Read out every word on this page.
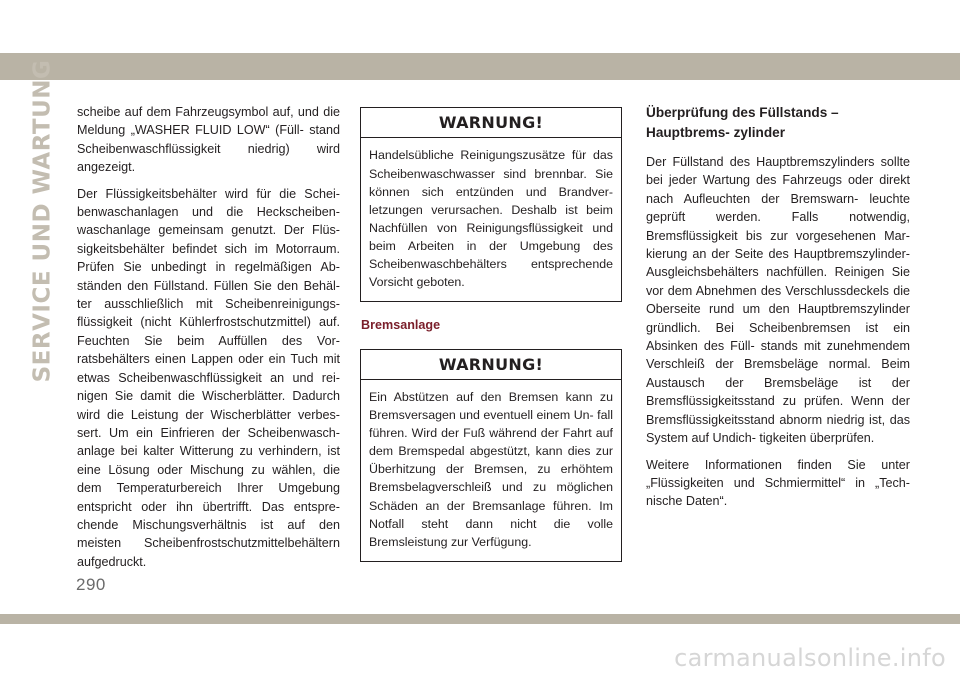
SERVICE UND WARTUNG scheibe auf dem Fahrzeugsymbol auf, und die Meldung „WASHER FLUID LOW“ (Füll- stand Scheibenwaschflüssigkeit niedrig) wird angezeigt.

Der Flüssigkeitsbehälter wird für die Schei- benwaschanlagen und die Heckscheiben- waschanlage gemeinsam genutzt. Der Flüs- sigkeitsbehälter befindet sich im Motorraum. Prüfen Sie unbedingt in regelmäßigen Ab- ständen den Füllstand. Füllen Sie den Behäl- ter ausschließlich mit Scheibenreinigungs- flüssigkeit (nicht Kühlerfrostschutzmittel) auf. Feuchten Sie beim Auffüllen des Vor- ratsbehälters einen Lappen oder ein Tuch mit etwas Scheibenwaschflüssigkeit an und rei- nigen Sie damit die Wischerblätter. Dadurch wird die Leistung der Wischerblätter verbes- sert. Um ein Einfrieren der Scheibenwasch- anlage bei kalter Witterung zu verhindern, ist eine Lösung oder Mischung zu wählen, die dem Temperaturbereich Ihrer Umgebung entspricht oder ihn übertrifft. Das entspre- chende Mischungsverhältnis ist auf den meisten Scheibenfrostschutzmittelbehältern aufgedruckt.

WARNUNG!
Handelsübliche Reinigungszusätze für das Scheibenwaschwasser sind brennbar. Sie können sich entzünden und Brandver- letzungen verursachen. Deshalb ist beim Nachfüllen von Reinigungsflüssigkeit und beim Arbeiten in der Umgebung des Scheibenwaschbehälters entsprechende Vorsicht geboten.
Bremsanlage
WARNUNG!
Ein Abstützen auf den Bremsen kann zu Bremsversagen und eventuell einem Un- fall führen. Wird der Fuß während der Fahrt auf dem Bremspedal abgestützt, kann dies zur Überhitzung der Bremsen, zu erhöhtem Bremsbelagverschleiß und zu möglichen Schäden an der Bremsanlage führen. Im Notfall steht dann nicht die volle Bremsleistung zur Verfügung.
Überprüfung des Füllstands – Hauptbrems- zylinder

Der Füllstand des Hauptbremszylinders sollte bei jeder Wartung des Fahrzeugs oder direkt nach Aufleuchten der Bremswarn- leuchte geprüft werden. Falls notwendig, Bremsflüssigkeit bis zur vorgesehenen Mar- kierung an der Seite des Hauptbremszylinder-Ausgleichsbehälters nachfüllen. Reinigen Sie vor dem Abnehmen des Verschlussdeckels die Oberseite rund um den Hauptbremszylinder gründlich. Bei Scheibenbremsen ist ein Absinken des Füll- stands mit zunehmendem Verschleiß der Bremsbeläge normal. Beim Austausch der Bremsbeläge ist der Bremsflüssigkeitsstand zu prüfen. Wenn der Bremsflüssigkeitsstand abnorm niedrig ist, das System auf Undich- tigkeiten überprüfen.

Weitere Informationen finden Sie unter „Flüssigkeiten und Schmiermittel“ in „Tech- nische Daten“.

290
carmanualsonline.info
